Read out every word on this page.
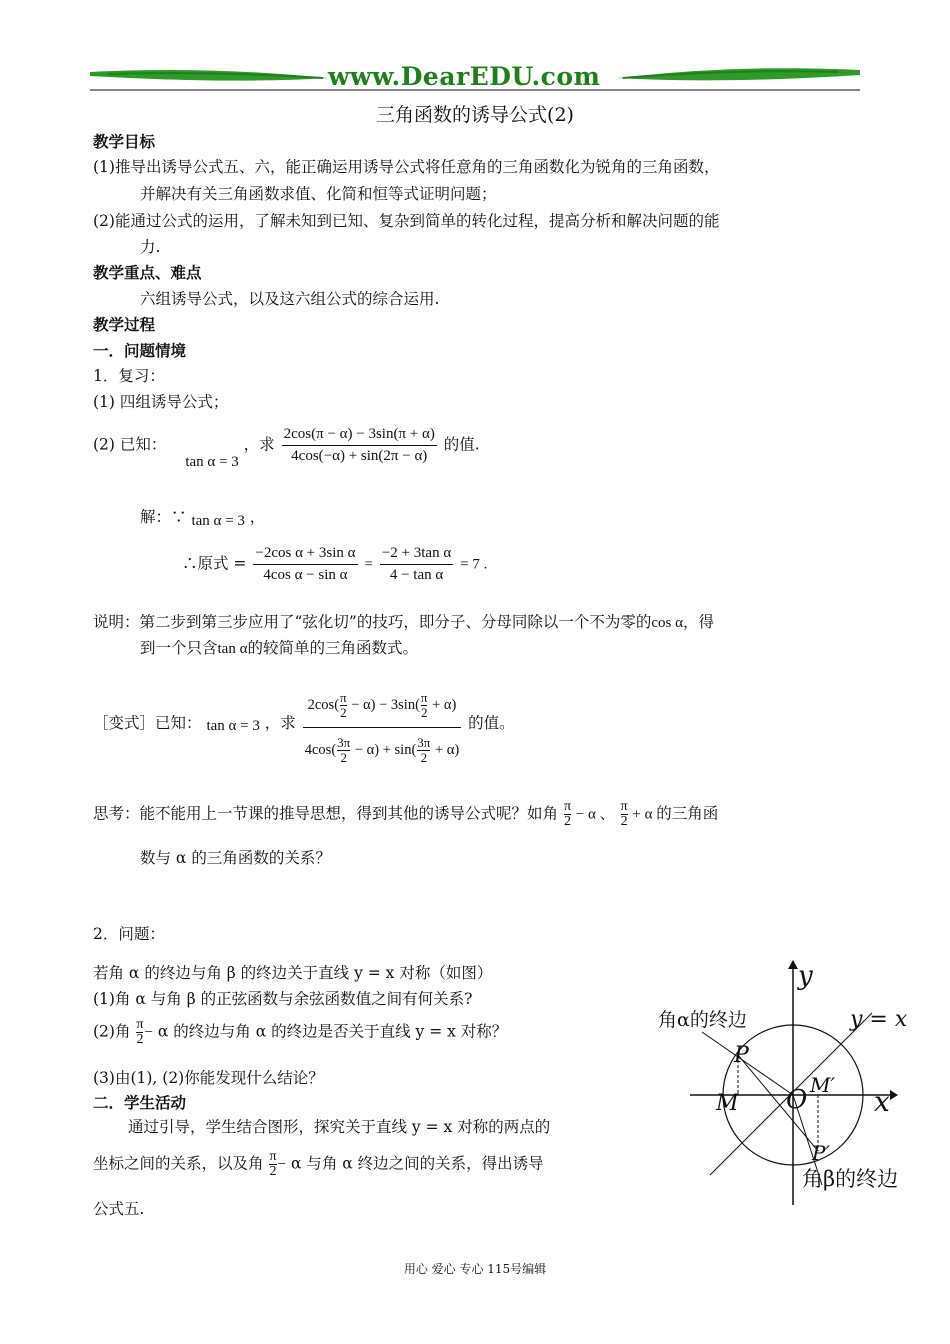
www.DearEDU.com
三角函数的诱导公式(2)
教学目标
(1)推导出诱导公式五、六，能正确运用诱导公式将任意角的三角函数化为锐角的三角函数，
并解决有关三角函数求值、化简和恒等式证明问题；
(2)能通过公式的运用，了解未知到已知、复杂到简单的转化过程，提高分析和解决问题的能
力.
教学重点、难点
六组诱导公式，以及这六组公式的综合运用.
教学过程
一．问题情境
1．复习：
(1) 四组诱导公式；
(2) 已知： tan α = 3 ，求 $\frac{2\cos(\pi - \alpha) - 3\sin(\pi + \alpha)}{4\cos(-\alpha) + \sin(2\pi - \alpha)}$ 的值.
解：∵ tan α = 3 ，
∴原式 = $\frac{\text{−2cos α + 3sin α}}{\text{4cos α − sin α}} = \frac{\text{−2 + 3tan α}}{\text{4 − tan α}} = 7$ .
说明：第二步到第三步应用了“弦化切”的技巧，即分子、分母同除以一个不为零的cos α，得
到一个只含tan α的较简单的三角函数式。
［变式］已知： tan α = 3 ，求 $\frac{2\cos( \frac{\pi}{2} - \alpha) - 3\sin( \frac{\pi}{2} + \alpha)}{4\cos( \frac{3\pi}{2} - \alpha) + \sin( \frac{3\pi}{2} + \alpha)}$ 的值。
思考：能不能用上一节课的推导思想，得到其他的诱导公式呢？如角 $\frac{\pi}{2} - \alpha$ 、 $\frac{\pi}{2} + \alpha$ 的三角函
数与 α 的三角函数的关系？
2．问题：
若角 α 的终边与角 β 的终边关于直线 y = x 对称（如图）
(1)角 α 与角 β 的正弦函数与余弦函数值之间有何关系?
(2)角 $\frac{\pi}{2} - \alpha$ 的终边与角 α 的终边是否关于直线 y = x 对称？
(3)由(1), (2)你能发现什么结论？
二．学生活动
通过引导，学生结合图形，探究关于直线 y = x 对称的两点的
坐标之间的关系，以及角 $\frac{\pi}{2} - \alpha$ 与角 α 终边之间的关系，得出诱导
公式五.
y
x
y = x
角α的终边
角β的终边
P
M O M′
P′
用心 爱心 专心 115号编辑
